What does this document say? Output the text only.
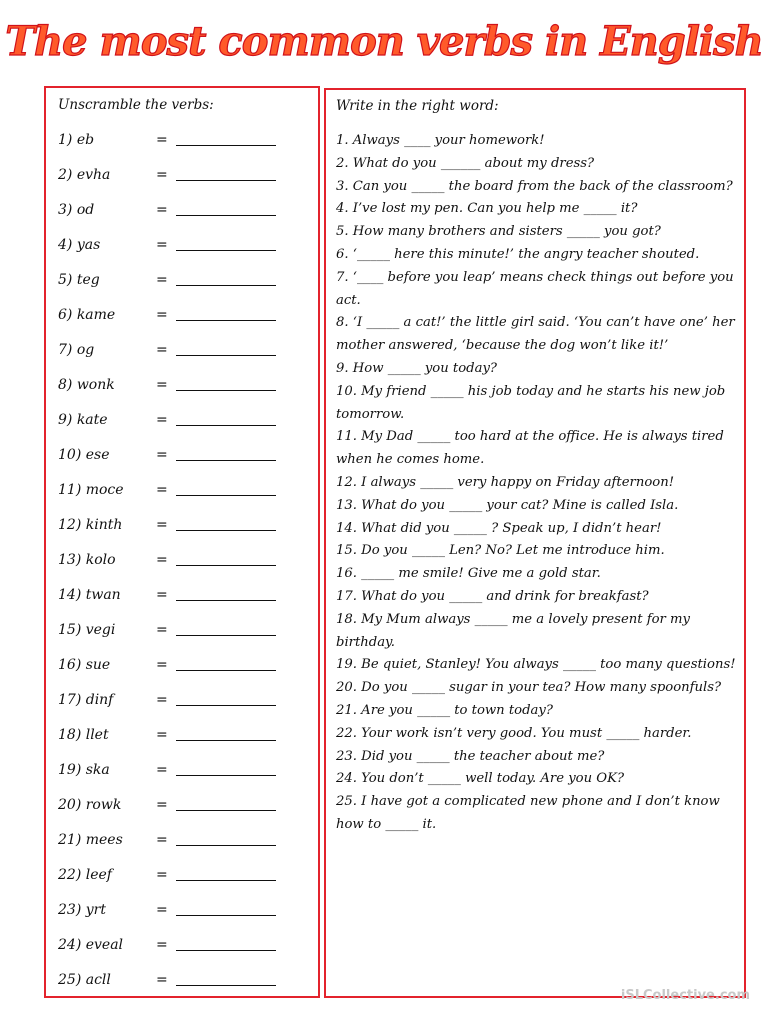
The most common verbs in English
Unscramble the verbs:
1) eb	=
2) evha	=
3) od	=
4) yas	=
5) teg	=
6) kame	=
7) og	=
8) wonk	=
9) kate	=
10) ese	=
11) moce =
12) kinth =
13) kolo	=
14) twan	=
15) vegi	=
16) sue	=
17) dinf	=
18) llet	=
19) ska	=
20) rowk =
21) mees =
22) leef	=
23) yrt	=
24) eveal =
25) acll	=
Write in the right word:

1. Always ____ your homework!

2. What do you ______ about my dress?

3. Can you _____ the board from the back of the classroom?

4. I’ve lost my pen. Can you help me _____ it?

5. How many brothers and sisters _____ you got?

6. ‘_____ here this minute!’ the angry teacher shouted.

7. ‘____ before you leap’ means check things out before you act.

8. ‘I _____ a cat!’ the little girl said. ‘You can’t have one’ her mother answered, ‘because the dog won’t like it!’

9. How _____ you today?

10. My friend _____ his job today and he starts his new job tomorrow.

11. My Dad _____ too hard at the office. He is always tired when he comes home.

12. I always _____ very happy on Friday afternoon!

13. What do you _____ your cat? Mine is called Isla.

14. What did you _____ ? Speak up, I didn’t hear!

15. Do you _____ Len? No? Let me introduce him.

16. _____ me smile! Give me a gold star.

17. What do you _____ and drink for breakfast?

18. My Mum always _____ me a lovely present for my birthday.

19. Be quiet, Stanley! You always _____ too many questions!

20. Do you _____ sugar in your tea? How many spoonfuls?

21. Are you _____ to town today?

22. Your work isn’t very good. You must _____ harder.

23. Did you _____ the teacher about me?

24. You don’t _____ well today. Are you OK?

25. I have got a complicated new phone and I don’t know how to _____ it.

iSLCollective.com
